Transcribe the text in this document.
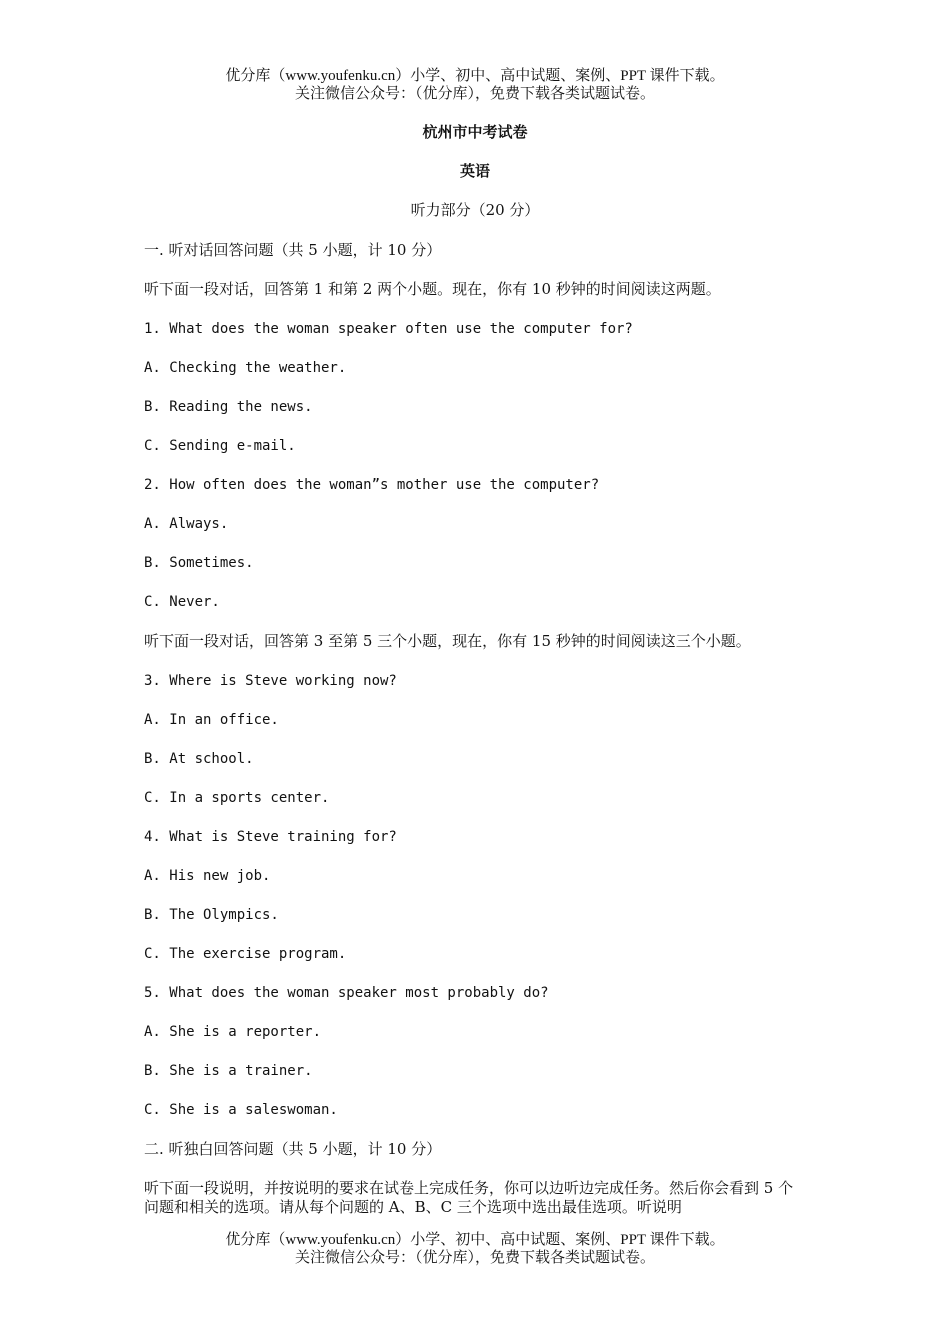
优分库（www.youfenku.cn）小学、初中、高中试题、案例、PPT 课件下载。
关注微信公众号：（优分库），免费下载各类试题试卷。
杭州市中考试卷
英语
听力部分（20 分）
一. 听对话回答问题（共 5 小题，计 10 分）
听下面一段对话，回答第 1 和第 2 两个小题。现在，你有 10 秒钟的时间阅读这两题。
1. What does the woman speaker often use the computer for?
A. Checking the weather.
B. Reading the news.
C. Sending e-mail.
2. How often does the woman”s mother use the computer?
A. Always.
B. Sometimes.
C. Never.
听下面一段对话，回答第 3 至第 5 三个小题，现在，你有 15 秒钟的时间阅读这三个小题。
3. Where is Steve working now?
A. In an office.
B. At school.
C. In a sports center.
4. What is Steve training for?
A. His new job.
B. The Olympics.
C. The exercise program.
5. What does the woman speaker most probably do?
A. She is a reporter.
B. She is a trainer.
C. She is a saleswoman.
二. 听独白回答问题（共 5 小题，计 10 分）
听下面一段说明，并按说明的要求在试卷上完成任务，你可以边听边完成任务。然后你会看到 5 个问题和相关的选项。请从每个问题的 A、B、C 三个选项中选出最佳选项。听说明
优分库（www.youfenku.cn）小学、初中、高中试题、案例、PPT 课件下载。
关注微信公众号：（优分库），免费下载各类试题试卷。
